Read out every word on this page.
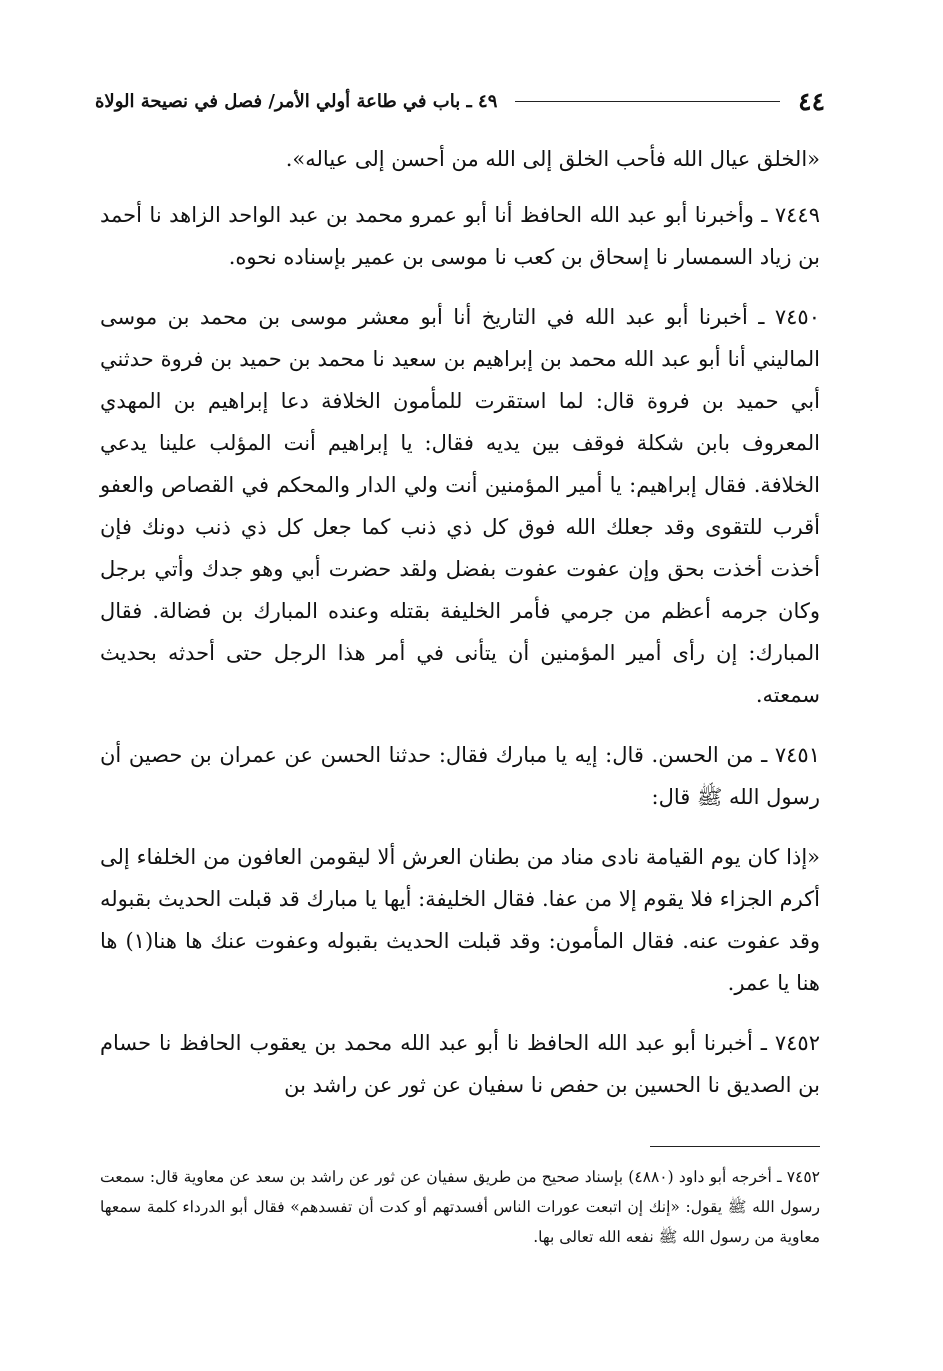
٤٤
٤٩ ـ باب في طاعة أولي الأمر/ فصل في نصيحة الولاة

«الخلق عيال الله فأحب الخلق إلى الله من أحسن إلى عياله».

٧٤٤٩ ـ وأخبرنا أبو عبد الله الحافظ أنا أبو عمرو محمد بن عبد الواحد الزاهد نا أحمد بن زياد السمسار نا إسحاق بن كعب نا موسى بن عمير بإسناده نحوه.

٧٤٥٠ ـ أخبرنا أبو عبد الله في التاريخ أنا أبو معشر موسى بن محمد بن موسى الماليني أنا أبو عبد الله محمد بن إبراهيم بن سعيد نا محمد بن حميد بن فروة حدثني أبي حميد بن فروة قال: لما استقرت للمأمون الخلافة دعا إبراهيم بن المهدي المعروف بابن شكلة فوقف بين يديه فقال: يا إبراهيم أنت المؤلب علينا يدعي الخلافة. فقال إبراهيم: يا أمير المؤمنين أنت ولي الدار والمحكم في القصاص والعفو أقرب للتقوى وقد جعلك الله فوق كل ذي ذنب كما جعل كل ذي ذنب دونك فإن أخذت أخذت بحق وإن عفوت عفوت بفضل ولقد حضرت أبي وهو جدك وأتي برجل وكان جرمه أعظم من جرمي فأمر الخليفة بقتله وعنده المبارك بن فضالة. فقال المبارك: إن رأى أمير المؤمنين أن يتأنى في أمر هذا الرجل حتى أحدثه بحديث سمعته.

٧٤٥١ ـ من الحسن. قال: إيه يا مبارك فقال: حدثنا الحسن عن عمران بن حصين أن رسول الله ﷺ قال:

«إذا كان يوم القيامة نادى مناد من بطنان العرش ألا ليقومن العافون من الخلفاء إلى أكرم الجزاء فلا يقوم إلا من عفا. فقال الخليفة: أيها يا مبارك قد قبلت الحديث بقبوله وقد عفوت عنه. فقال المأمون: وقد قبلت الحديث بقبوله وعفوت عنك ها هنا(١) ها هنا يا عمر.

٧٤٥٢ ـ أخبرنا أبو عبد الله الحافظ نا أبو عبد الله محمد بن يعقوب الحافظ نا حسام بن الصديق نا الحسين بن حفص نا سفيان عن ثور عن راشد بن

٧٤٥٢ ـ أخرجه أبو داود (٤٨٨٠) بإسناد صحيح من طريق سفيان عن ثور عن راشد بن سعد عن معاوية قال: سمعت رسول الله ﷺ يقول: «إنك إن اتبعت عورات الناس أفسدتهم أو كدت أن تفسدهم» فقال أبو الدرداء كلمة سمعها معاوية من رسول الله ﷺ نفعه الله تعالى بها.
